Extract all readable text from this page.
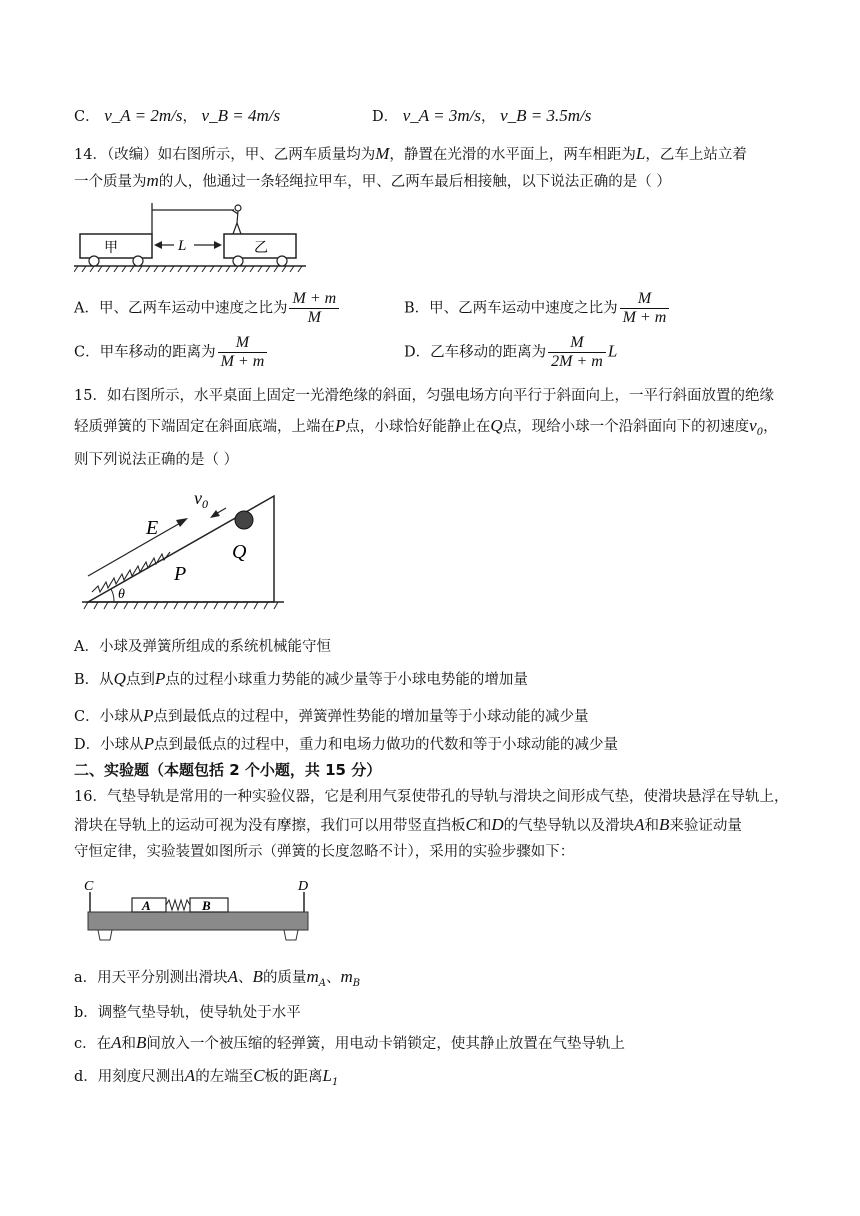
C． v_A = 2m/s， v_B = 4m/s	D． v_A = 3m/s， v_B = 3.5m/s
14．（改编）如右图所示，甲、乙两车质量均为M，静置在光滑的水平面上，两车相距为L，乙车上站立着
一个质量为m的人，他通过一条轻绳拉甲车，甲、乙两车最后相接触，以下说法正确的是（ ）
甲	乙
L
A．甲、乙两车运动中速度之比为 $\frac{M + m}{M}$	B．甲、乙两车运动中速度之比为 $\frac{M}{M + m}$
C．甲车移动的距离为 $\frac{M}{M + m}$	D．乙车移动的距离为 $\frac{M}{2M + m}$ L
15．如右图所示，水平桌面上固定一光滑绝缘的斜面，匀强电场方向平行于斜面向上，一平行斜面放置的绝缘
轻质弹簧的下端固定在斜面底端，上端在P点，小球恰好能静止在Q点，现给小球一个沿斜面向下的初速度$v_0$，
则下列说法正确的是（ ）
E
$v_0$
Q
P
θ
A．小球及弹簧所组成的系统机械能守恒
B．从Q点到P点的过程小球重力势能的减少量等于小球电势能的增加量
C．小球从P点到最低点的过程中，弹簧弹性势能的增加量等于小球动能的减少量
D．小球从P点到最低点的过程中，重力和电场力做功的代数和等于小球动能的减少量
二、实验题（本题包括 2 个小题，共 15 分）
16．气垫导轨是常用的一种实验仪器，它是利用气泵使带孔的导轨与滑块之间形成气垫，使滑块悬浮在导轨上，
滑块在导轨上的运动可视为没有摩擦，我们可以用带竖直挡板C和D的气垫导轨以及滑块A和B来验证动量
守恒定律，实验装置如图所示（弹簧的长度忽略不计），采用的实验步骤如下：
C	D
A	B
a．用天平分别测出滑块A、B的质量$m_A$、$m_B$
b．调整气垫导轨，使导轨处于水平
c．在A和B间放入一个被压缩的轻弹簧，用电动卡销锁定，使其静止放置在气垫导轨上
d．用刻度尺测出A的左端至C板的距离$L_1$
